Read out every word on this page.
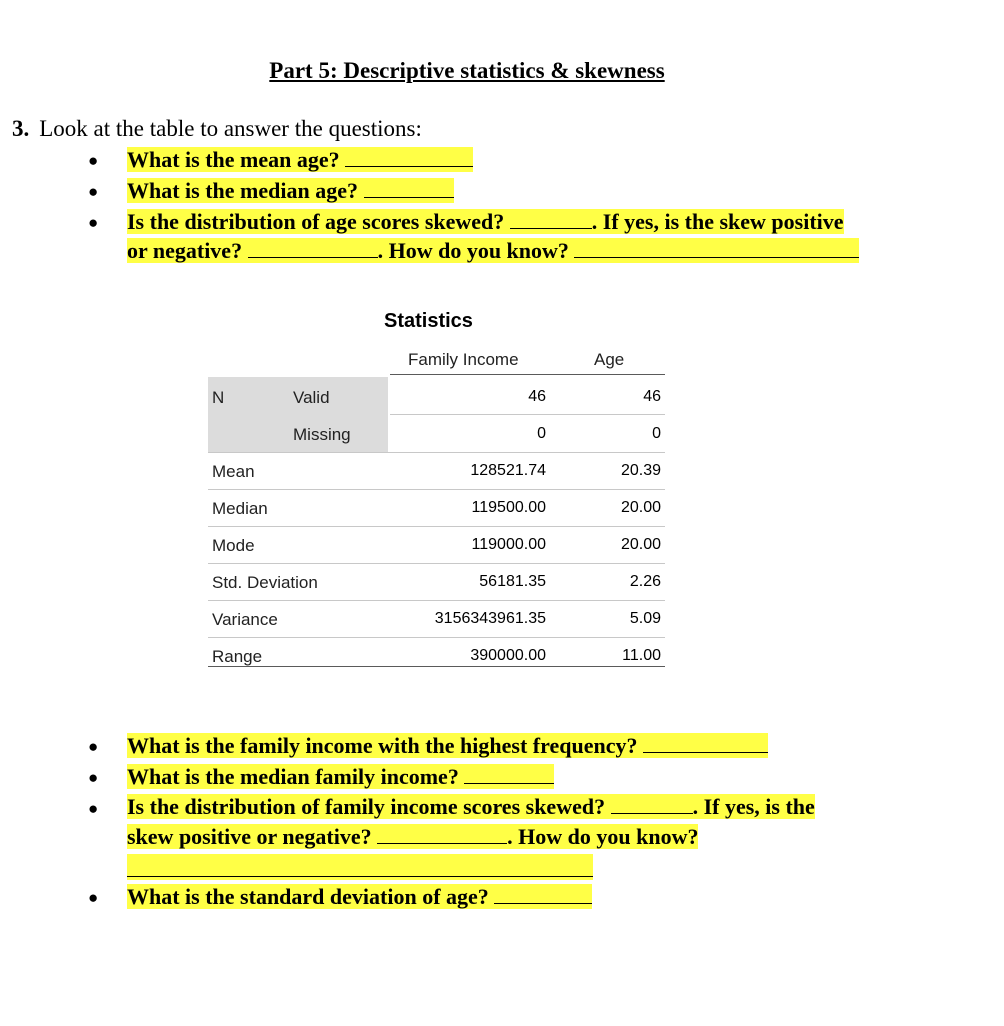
Part 5: Descriptive statistics & skewness
3. Look at the table to answer the questions:
●
●
●
What is the mean age?
What is the median age?
Is the distribution of age scores skewed?	. If yes, is the skew positive
or negative?	. How do you know?
Statistics
Family Income	Age
N	Valid	46	46
Missing	0	0
Mean	128521.74	20.39
Median	119500.00	20.00
Mode	119000.00	20.00
Std. Deviation	56181.35	2.26
Variance	3156343961.35	5.09
Range	390000.00	11.00
●
●
●
●
What is the family income with the highest frequency?
What is the median family income?
Is the distribution of family income scores skewed?	. If yes, is the
skew positive or negative?	. How do you know?
What is the standard deviation of age?
